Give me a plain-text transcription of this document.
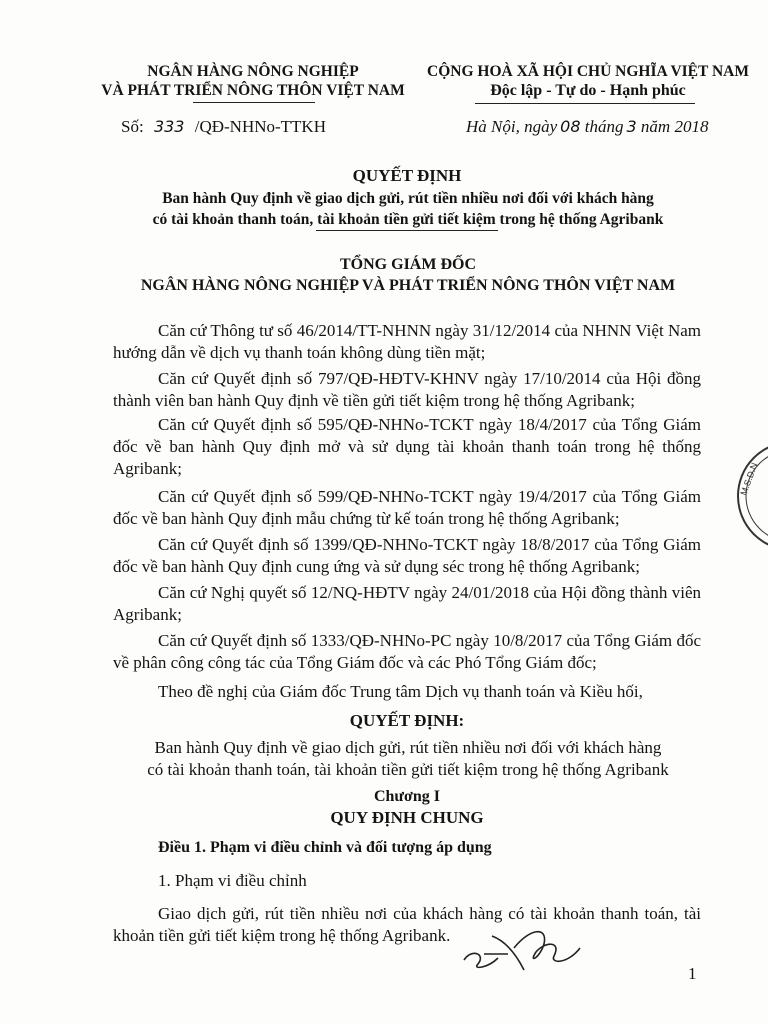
NGÂN HÀNG NÔNG NGHIỆP
VÀ PHÁT TRIỂN NÔNG THÔN VIỆT NAM
Số: 333 /QĐ-NHNo-TTKH
CỘNG HOÀ XÃ HỘI CHỦ NGHĨA VIỆT NAM
Độc lập - Tự do - Hạnh phúc
Hà Nội, ngày 08 tháng 3 năm 2018
QUYẾT ĐỊNH
Ban hành Quy định về giao dịch gửi, rút tiền nhiều nơi đối với khách hàng
có tài khoản thanh toán, tài khoản tiền gửi tiết kiệm trong hệ thống Agribank
TỔNG GIÁM ĐỐC
NGÂN HÀNG NÔNG NGHIỆP VÀ PHÁT TRIỂN NÔNG THÔN VIỆT NAM
Căn cứ Thông tư số 46/2014/TT-NHNN ngày 31/12/2014 của NHNN Việt Nam hướng dẫn về dịch vụ thanh toán không dùng tiền mặt;
Căn cứ Quyết định số 797/QĐ-HĐTV-KHNV ngày 17/10/2014 của Hội đồng thành viên ban hành Quy định về tiền gửi tiết kiệm trong hệ thống Agribank;
Căn cứ Quyết định số 595/QĐ-NHNo-TCKT ngày 18/4/2017 của Tổng Giám đốc về ban hành Quy định mở và sử dụng tài khoản thanh toán trong hệ thống Agribank;
Căn cứ Quyết định số 599/QĐ-NHNo-TCKT ngày 19/4/2017 của Tổng Giám đốc về ban hành Quy định mẫu chứng từ kế toán trong hệ thống Agribank;
Căn cứ Quyết định số 1399/QĐ-NHNo-TCKT ngày 18/8/2017 của Tổng Giám đốc về ban hành Quy định cung ứng và sử dụng séc trong hệ thống Agribank;
Căn cứ Nghị quyết số 12/NQ-HĐTV ngày 24/01/2018 của Hội đồng thành viên Agribank;
Căn cứ Quyết định số 1333/QĐ-NHNo-PC ngày 10/8/2017 của Tổng Giám đốc về phân công công tác của Tổng Giám đốc và các Phó Tổng Giám đốc;
Theo đề nghị của Giám đốc Trung tâm Dịch vụ thanh toán và Kiều hối,
QUYẾT ĐỊNH:
Ban hành Quy định về giao dịch gửi, rút tiền nhiều nơi đối với khách hàng
có tài khoản thanh toán, tài khoản tiền gửi tiết kiệm trong hệ thống Agribank
Chương I
QUY ĐỊNH CHUNG
Điều 1. Phạm vi điều chỉnh và đối tượng áp dụng
1. Phạm vi điều chỉnh
Giao dịch gửi, rút tiền nhiều nơi của khách hàng có tài khoản thanh toán, tài khoản tiền gửi tiết kiệm trong hệ thống Agribank.
M.S.D.N
1
